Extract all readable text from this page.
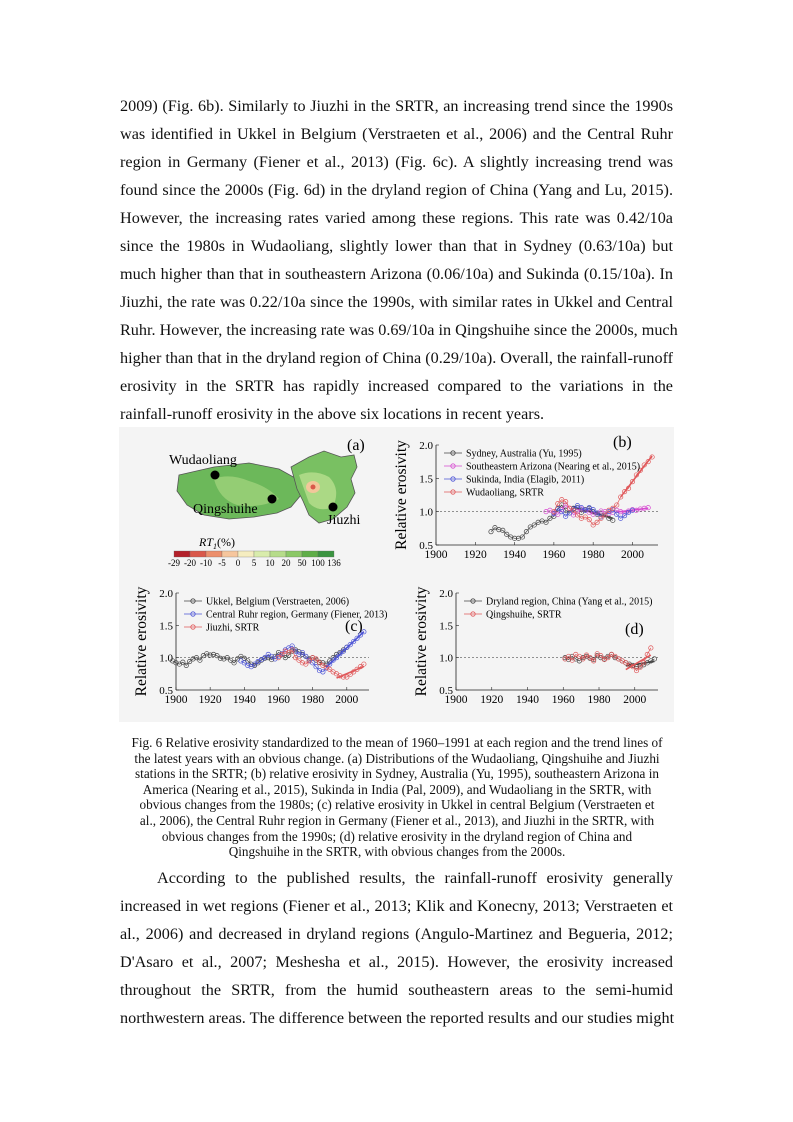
2009) (Fig. 6b). Similarly to Jiuzhi in the SRTR, an increasing trend since the 1990s
was identified in Ukkel in Belgium (Verstraeten et al., 2006) and the Central Ruhr
region in Germany (Fiener et al., 2013) (Fig. 6c). A slightly increasing trend was
found since the 2000s (Fig. 6d) in the dryland region of China (Yang and Lu, 2015).
However, the increasing rates varied among these regions. This rate was 0.42/10a
since the 1980s in Wudaoliang, slightly lower than that in Sydney (0.63/10a) but
much higher than that in southeastern Arizona (0.06/10a) and Sukinda (0.15/10a). In
Jiuzhi, the rate was 0.22/10a since the 1990s, with similar rates in Ukkel and Central
Ruhr. However, the increasing rate was 0.69/10a in Qingshuihe since the 2000s, much
higher than that in the dryland region of China (0.29/10a). Overall, the rainfall-runoff
erosivity in the SRTR has rapidly increased compared to the variations in the
rainfall-runoff erosivity in the above six locations in recent years.
Wudaoliang
Qingshuihe
Jiuzhi
(a)
$RT_1(\%)$
-29 -20 -10 -5 0 5 10 20 50 100 136
2.0
1.5
1.0
0.5
1900 1920 1940 1960 1980 2000
Relative erosivity	(b)
Sydney, Australia (Yu, 1995)
Southeastern Arizona (Nearing et al., 2015)
Sukinda, India (Elagib, 2011)
Wudaoliang, SRTR
2.0
1.5
1.0
0.5
1900 1920 1940 1960 1980 2000
Relative erosivity	(c)
Ukkel, Belgium (Verstraeten, 2006)
Central Ruhr region, Germany (Fiener, 2013)
Jiuzhi, SRTR
2.0
1.5
1.0
0.5
1900 1920 1940 1960 1980 2000
Relative erosivity	(d)
Dryland region, China (Yang et al., 2015)
Qingshuihe, SRTR
Fig. 6 Relative erosivity standardized to the mean of 1960–1991 at each region and the trend lines of
the latest years with an obvious change. (a) Distributions of the Wudaoliang, Qingshuihe and Jiuzhi
stations in the SRTR; (b) relative erosivity in Sydney, Australia (Yu, 1995), southeastern Arizona in
America (Nearing et al., 2015), Sukinda in India (Pal, 2009), and Wudaoliang in the SRTR, with
obvious changes from the 1980s; (c) relative erosivity in Ukkel in central Belgium (Verstraeten et
al., 2006), the Central Ruhr region in Germany (Fiener et al., 2013), and Jiuzhi in the SRTR, with
obvious changes from the 1990s; (d) relative erosivity in the dryland region of China and
Qingshuihe in the SRTR, with obvious changes from the 2000s.
According to the published results, the rainfall-runoff erosivity generally
increased in wet regions (Fiener et al., 2013; Klik and Konecny, 2013; Verstraeten et
al., 2006) and decreased in dryland regions (Angulo-Martinez and Begueria, 2012;
D'Asaro et al., 2007; Meshesha et al., 2015). However, the erosivity increased
throughout the SRTR, from the humid southeastern areas to the semi-humid
northwestern areas. The difference between the reported results and our studies might
